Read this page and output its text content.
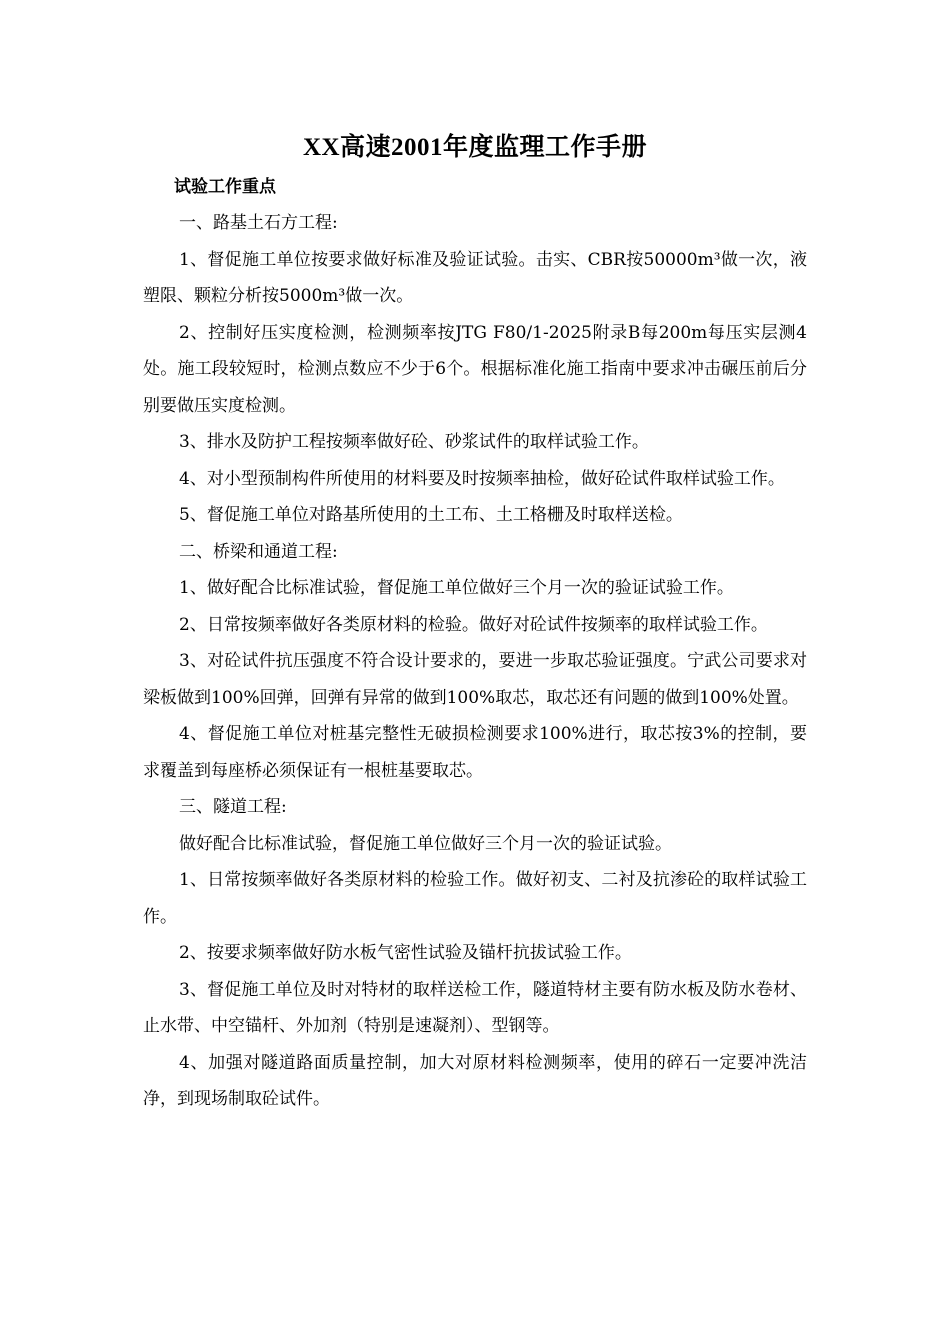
XX高速2001年度监理工作手册
试验工作重点

一、路基土石方工程:

1、督促施工单位按要求做好标准及验证试验。击实、CBR按50000m³做一次，液塑限、颗粒分析按5000m³做一次。

2、控制好压实度检测，检测频率按JTG F80/1-2025附录B每200m每压实层测4处。施工段较短时，检测点数应不少于6个。根据标准化施工指南中要求冲击碾压前后分别要做压实度检测。

3、排水及防护工程按频率做好砼、砂浆试件的取样试验工作。

4、对小型预制构件所使用的材料要及时按频率抽检，做好砼试件取样试验工作。

5、督促施工单位对路基所使用的土工布、土工格栅及时取样送检。

二、桥梁和通道工程:

1、做好配合比标准试验，督促施工单位做好三个月一次的验证试验工作。

2、日常按频率做好各类原材料的检验。做好对砼试件按频率的取样试验工作。

3、对砼试件抗压强度不符合设计要求的，要进一步取芯验证强度。宁武公司要求对梁板做到100%回弹，回弹有异常的做到100%取芯，取芯还有问题的做到100%处置。

4、督促施工单位对桩基完整性无破损检测要求100%进行，取芯按3%的控制，要求覆盖到每座桥必须保证有一根桩基要取芯。

三、隧道工程:

做好配合比标准试验，督促施工单位做好三个月一次的验证试验。

1、日常按频率做好各类原材料的检验工作。做好初支、二衬及抗渗砼的取样试验工作。

2、按要求频率做好防水板气密性试验及锚杆抗拔试验工作。

3、督促施工单位及时对特材的取样送检工作，隧道特材主要有防水板及防水卷材、止水带、中空锚杆、外加剂（特别是速凝剂）、型钢等。

4、加强对隧道路面质量控制，加大对原材料检测频率，使用的碎石一定要冲洗洁净，到现场制取砼试件。
